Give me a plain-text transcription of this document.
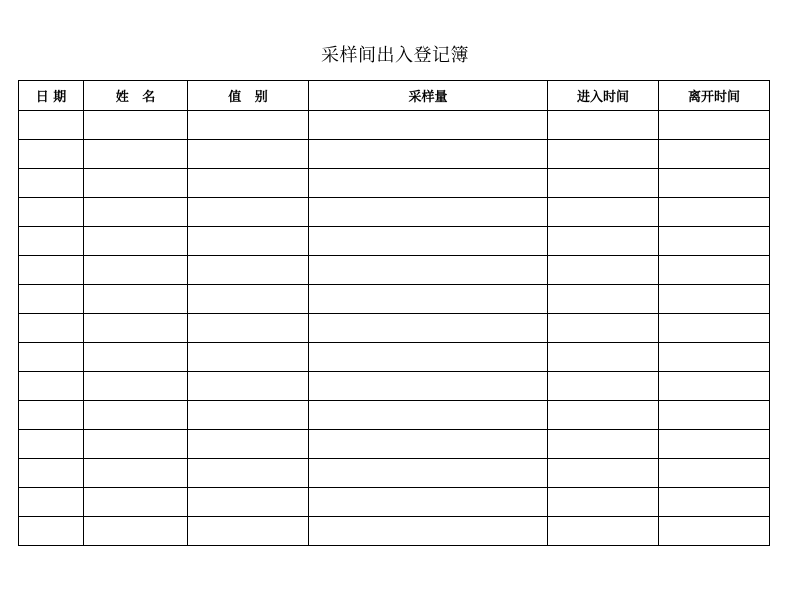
采样间出入登记簿
日 期	姓   名	值   别	采样量	进入时间	离开时间
